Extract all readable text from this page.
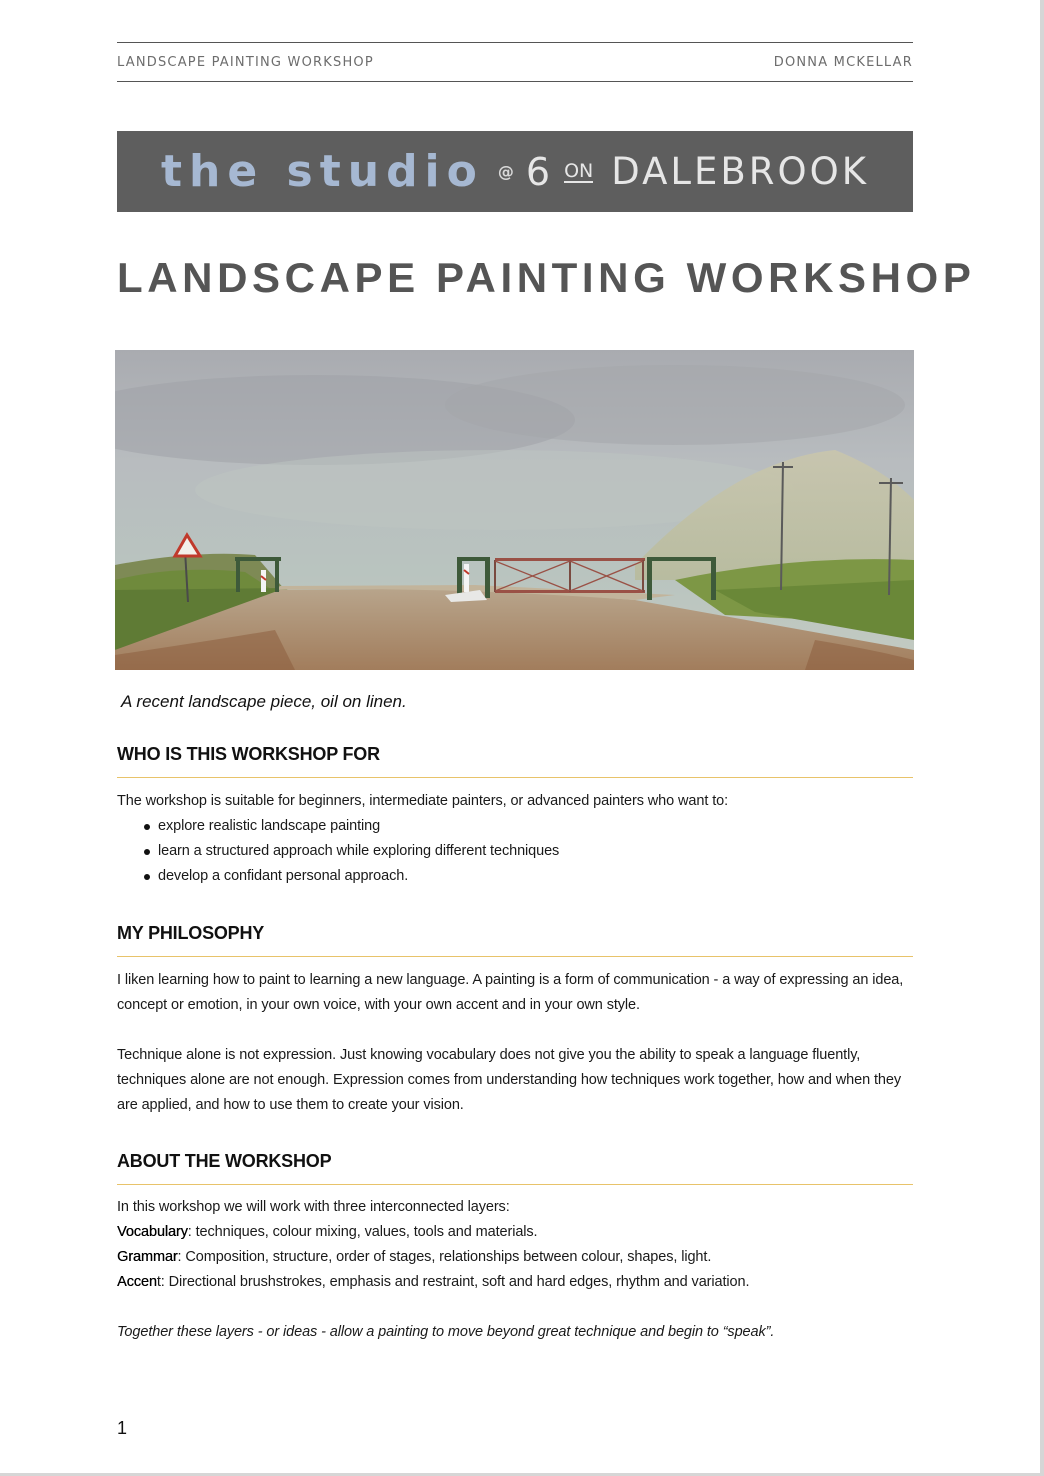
LANDSCAPE PAINTING WORKSHOP	DONNA MCKELLAR
the studio @ 6 ON DALEBROOK
LANDSCAPE PAINTING WORKSHOP
A recent landscape piece, oil on linen.
WHO IS THIS WORKSHOP FOR

The workshop is suitable for beginners, intermediate painters, or advanced painters who want to:

explore realistic landscape painting
learn a structured approach while exploring different techniques
develop a confidant personal approach.
MY PHILOSOPHY

I liken learning how to paint to learning a new language. A painting is a form of communication - a way of expressing an idea, concept or emotion, in your own voice, with your own accent and in your own style.

Technique alone is not expression. Just knowing vocabulary does not give you the ability to speak a language fluently, techniques alone are not enough. Expression comes from understanding how techniques work together, how and when they are applied, and how to use them to create your vision.

ABOUT THE WORKSHOP

In this workshop we will work with three interconnected layers:

Vocabulary: techniques, colour mixing, values, tools and materials.

Grammar: Composition, structure, order of stages, relationships between colour, shapes, light.

Accent: Directional brushstrokes, emphasis and restraint, soft and hard edges, rhythm and variation.

Together these layers - or ideas - allow a painting to move beyond great technique and begin to “speak”.

1
